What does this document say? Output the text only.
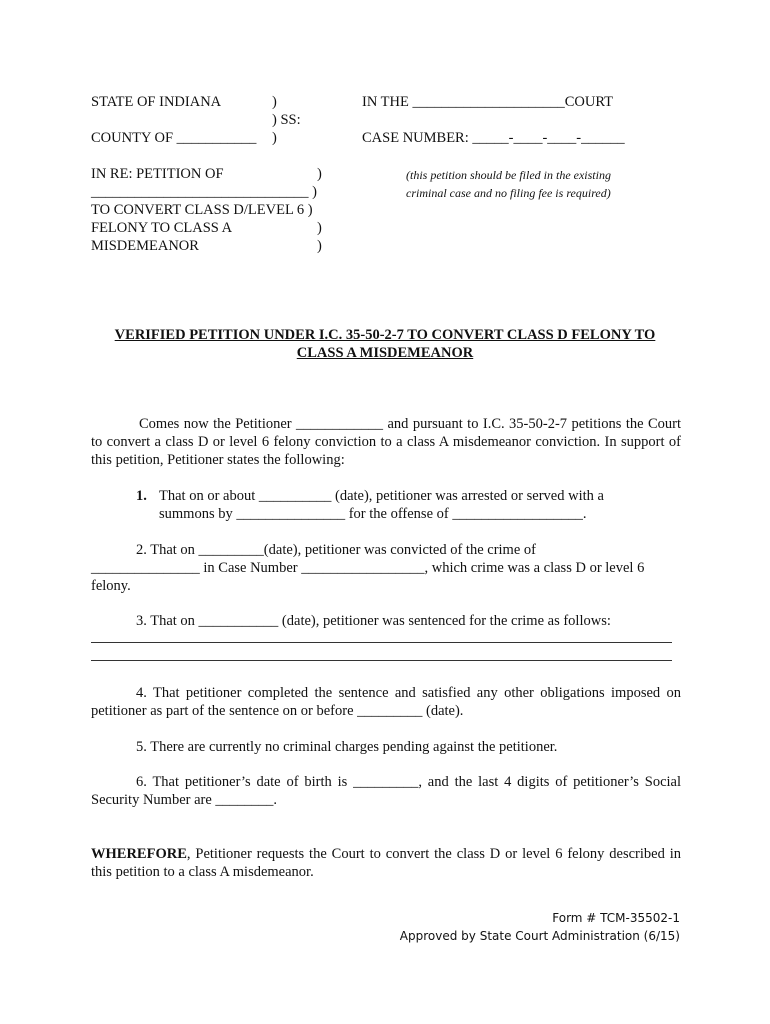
STATE OF INDIANA	)
) SS:
COUNTY OF ___________ )
IN THE _____________________COURT
CASE NUMBER: _____-____-____-______
IN RE: PETITION OF	)
______________________________ )
TO CONVERT CLASS D/LEVEL 6 )
FELONY TO CLASS A	)
MISDEMEANOR	)
(this petition should be filed in the existing
criminal case and no filing fee is required)
VERIFIED PETITION UNDER I.C. 35-50-2-7 TO CONVERT CLASS D FELONY TO
CLASS A MISDEMEANOR
Comes now the Petitioner ____________ and pursuant to I.C. 35-50-2-7 petitions the Court to convert a class D or level 6 felony conviction to a class A misdemeanor conviction. In support of this petition, Petitioner states the following:
1. That on or about __________ (date), petitioner was arrested or served with a
summons by _______________ for the offense of __________________.
2. That on _________(date), petitioner was convicted of the crime of
_______________ in Case Number _________________, which crime was a class D or level 6
felony.
3. That on ___________ (date), petitioner was sentenced for the crime as follows:
4. That petitioner completed the sentence and satisfied any other obligations imposed on petitioner as part of the sentence on or before _________ (date).
5. There are currently no criminal charges pending against the petitioner.
6. That petitioner’s date of birth is _________, and the last 4 digits of petitioner’s Social Security Number are ________.
WHEREFORE, Petitioner requests the Court to convert the class D or level 6 felony described in this petition to a class A misdemeanor.
Form # TCM-35502-1
Approved by State Court Administration (6/15)
